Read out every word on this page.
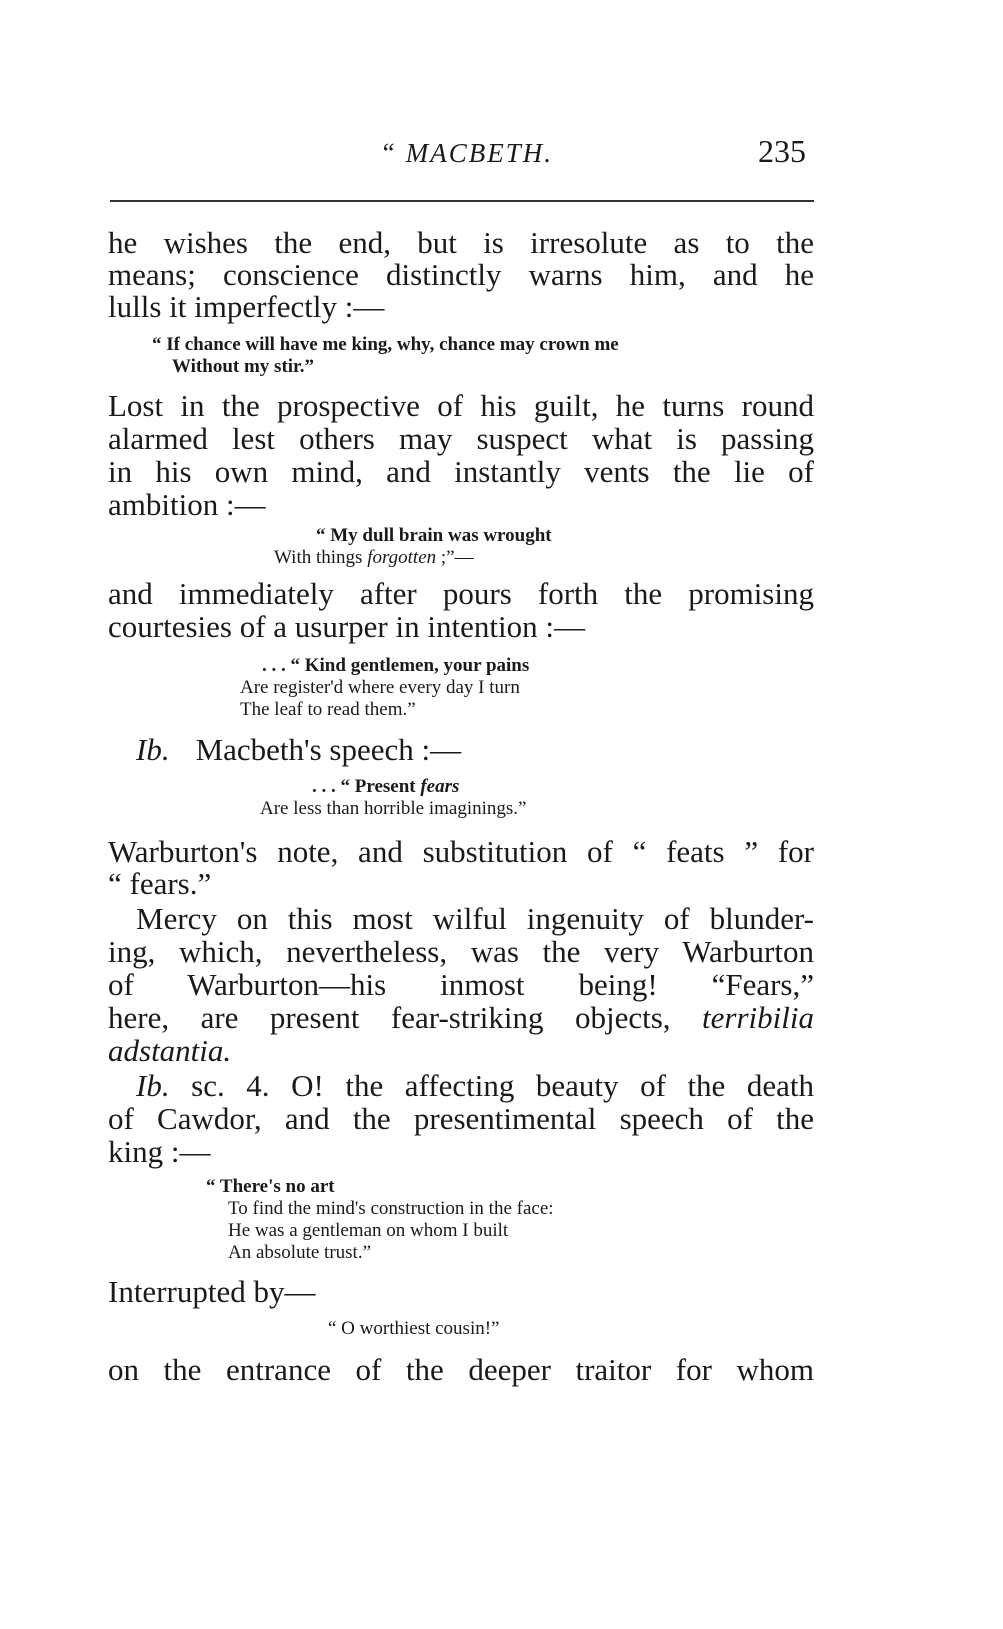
“ MACBETH.	235
he wishes the end, but is irresolute as to the
means; conscience distinctly warns him, and he
lulls it imperfectly :—
“ If chance will have me king, why, chance may crown me
Without my stir.”
Lost in the prospective of his guilt, he turns round
alarmed lest others may suspect what is passing
in his own mind, and instantly vents the lie of
ambition :—
“ My dull brain was wrought
With things forgotten ;”—
and immediately after pours forth the promising
courtesies of a usurper in intention :—
. . . “ Kind gentlemen, your pains
Are register'd where every day I turn
The leaf to read them.”
Ib. Macbeth's speech :—
. . . “ Present fears
Are less than horrible imaginings.”
Warburton's note, and substitution of “ feats ” for
“ fears.”
Mercy on this most wilful ingenuity of blunder-
ing, which, nevertheless, was the very Warburton
of Warburton—his inmost being! “Fears,”
here, are present fear-striking objects, terribilia
adstantia.
Ib. sc. 4. O! the affecting beauty of the death
of Cawdor, and the presentimental speech of the
king :—
“ There's no art
To find the mind's construction in the face:
He was a gentleman on whom I built
An absolute trust.”
Interrupted by—
“ O worthiest cousin!”
on the entrance of the deeper traitor for whom
